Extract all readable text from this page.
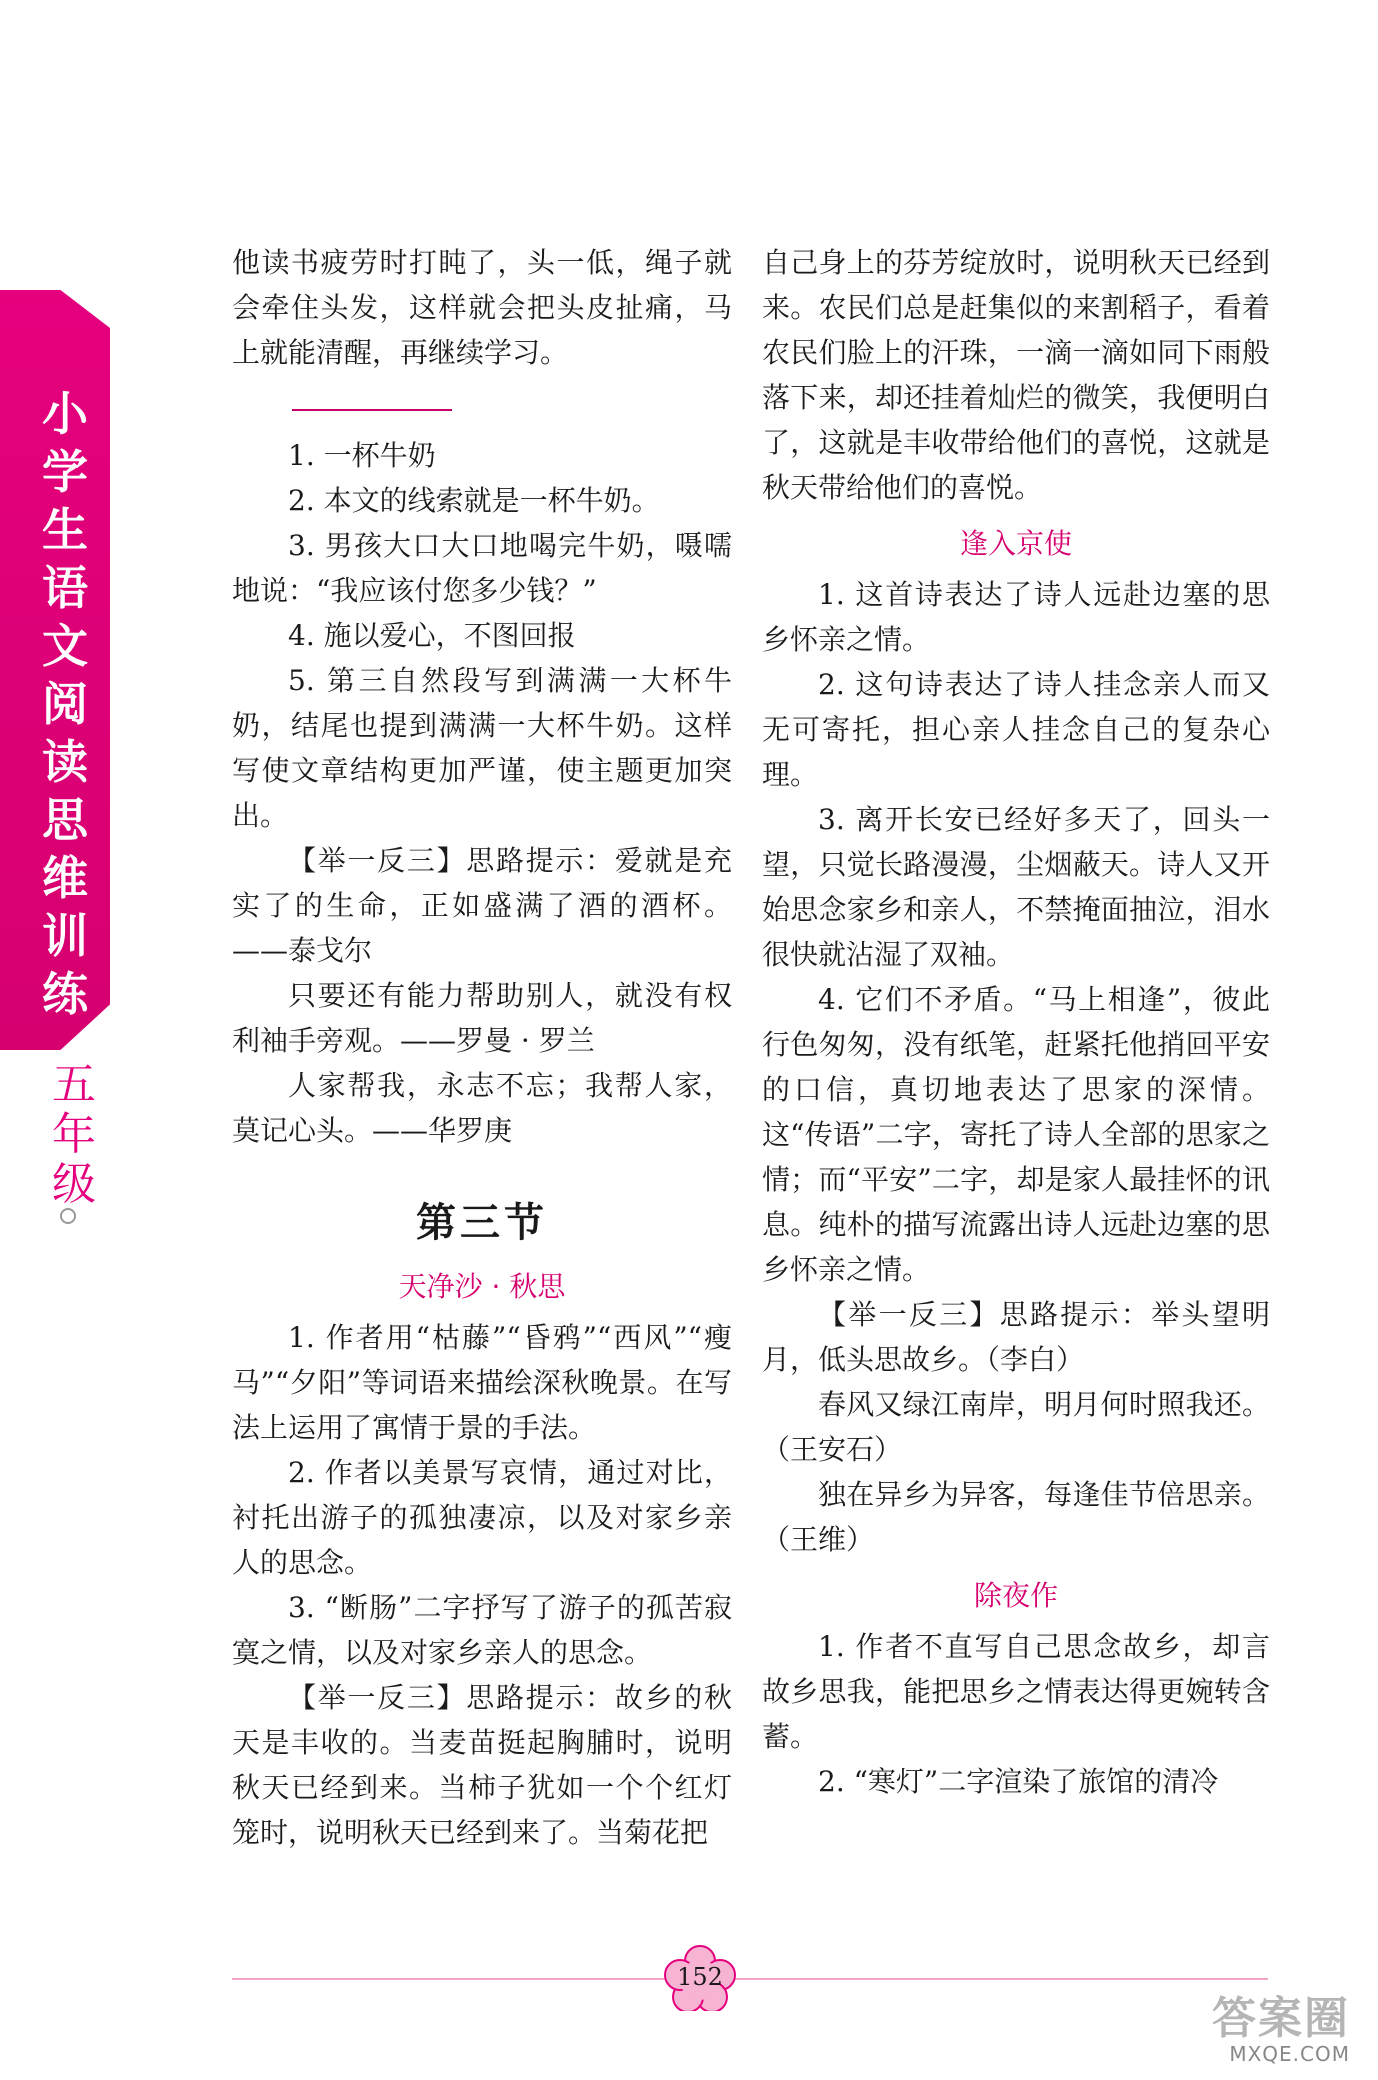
小
学
生
语
文
阅
读
思
维
训
练
五
年
级

他读书疲劳时打盹了，头一低，绳子就会牵住头发，这样就会把头皮扯痛，马上就能清醒，再继续学习。

1. 一杯牛奶

2. 本文的线索就是一杯牛奶。

3. 男孩大口大口地喝完牛奶，嗫嚅地说：“我应该付您多少钱？”

4. 施以爱心，不图回报

5. 第三自然段写到满满一大杯牛奶，结尾也提到满满一大杯牛奶。这样写使文章结构更加严谨，使主题更加突出。

【举一反三】思路提示：爱就是充实了的生命，正如盛满了酒的酒杯。——泰戈尔

只要还有能力帮助别人，就没有权利袖手旁观。——罗曼 · 罗兰

人家帮我，永志不忘；我帮人家，莫记心头。——华罗庚

第三节
天净沙 · 秋思

1. 作者用“枯藤”“昏鸦”“西风”“瘦马”“夕阳”等词语来描绘深秋晚景。在写法上运用了寓情于景的手法。

2. 作者以美景写哀情，通过对比，衬托出游子的孤独凄凉，以及对家乡亲人的思念。

3. “断肠”二字抒写了游子的孤苦寂寞之情，以及对家乡亲人的思念。

【举一反三】思路提示：故乡的秋天是丰收的。当麦苗挺起胸脯时，说明秋天已经到来。当柿子犹如一个个红灯笼时，说明秋天已经到来了。当菊花把

自己身上的芬芳绽放时，说明秋天已经到来。农民们总是赶集似的来割稻子，看着农民们脸上的汗珠，一滴一滴如同下雨般落下来，却还挂着灿烂的微笑，我便明白了，这就是丰收带给他们的喜悦，这就是秋天带给他们的喜悦。

逢入京使

1. 这首诗表达了诗人远赴边塞的思乡怀亲之情。

2. 这句诗表达了诗人挂念亲人而又无可寄托，担心亲人挂念自己的复杂心理。

3. 离开长安已经好多天了，回头一望，只觉长路漫漫，尘烟蔽天。诗人又开始思念家乡和亲人，不禁掩面抽泣，泪水很快就沾湿了双袖。

4. 它们不矛盾。“马上相逢”，彼此行色匆匆，没有纸笔，赶紧托他捎回平安的口信，真切地表达了思家的深情。这“传语”二字，寄托了诗人全部的思家之情；而“平安”二字，却是家人最挂怀的讯息。纯朴的描写流露出诗人远赴边塞的思乡怀亲之情。

【举一反三】思路提示：举头望明月，低头思故乡。（李白）

春风又绿江南岸，明月何时照我还。（王安石）

独在异乡为异客，每逢佳节倍思亲。（王维）

除夜作

1. 作者不直写自己思念故乡，却言故乡思我，能把思乡之情表达得更婉转含蓄。

2. “寒灯”二字渲染了旅馆的清冷

152
答案圈
MXQE.COM
